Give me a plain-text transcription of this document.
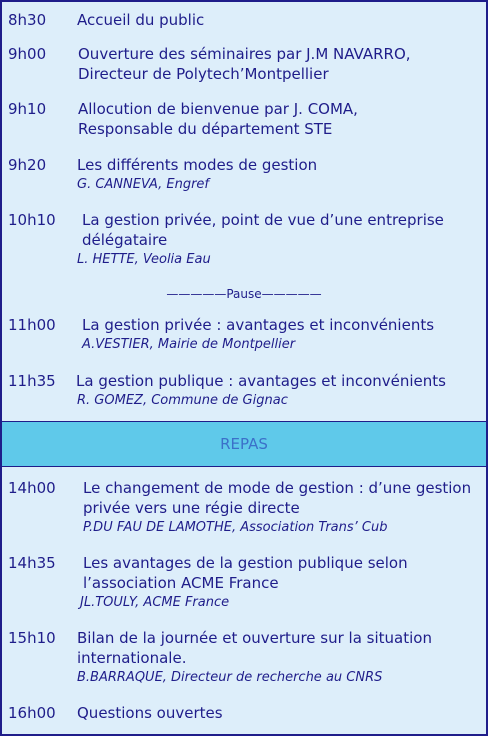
8h30 Accueil du public
9h00 Ouverture des séminaires par J.M NAVARRO,
Directeur de Polytech’Montpellier
9h10 Allocution de bienvenue par J. COMA,
Responsable du département STE
9h20 Les différents modes de gestion
G. CANNEVA, Engref
10h10 La gestion privée, point de vue d’une entreprise
délégataire
L. HETTE, Veolia Eau
—————Pause—————
11h00 La gestion privée : avantages et inconvénients
A.VESTIER, Mairie de Montpellier
11h35 La gestion publique : avantages et inconvénients
R. GOMEZ, Commune de Gignac
REPAS
14h00 Le changement de mode de gestion : d’une gestion
privée vers une régie directe
P.DU FAU DE LAMOTHE, Association Trans’ Cub
14h35 Les avantages de la gestion publique selon
l’association ACME France
JL.TOULY, ACME France
15h10 Bilan de la journée et ouverture sur la situation
internationale.
B.BARRAQUE, Directeur de recherche au CNRS
16h00 Questions ouvertes
